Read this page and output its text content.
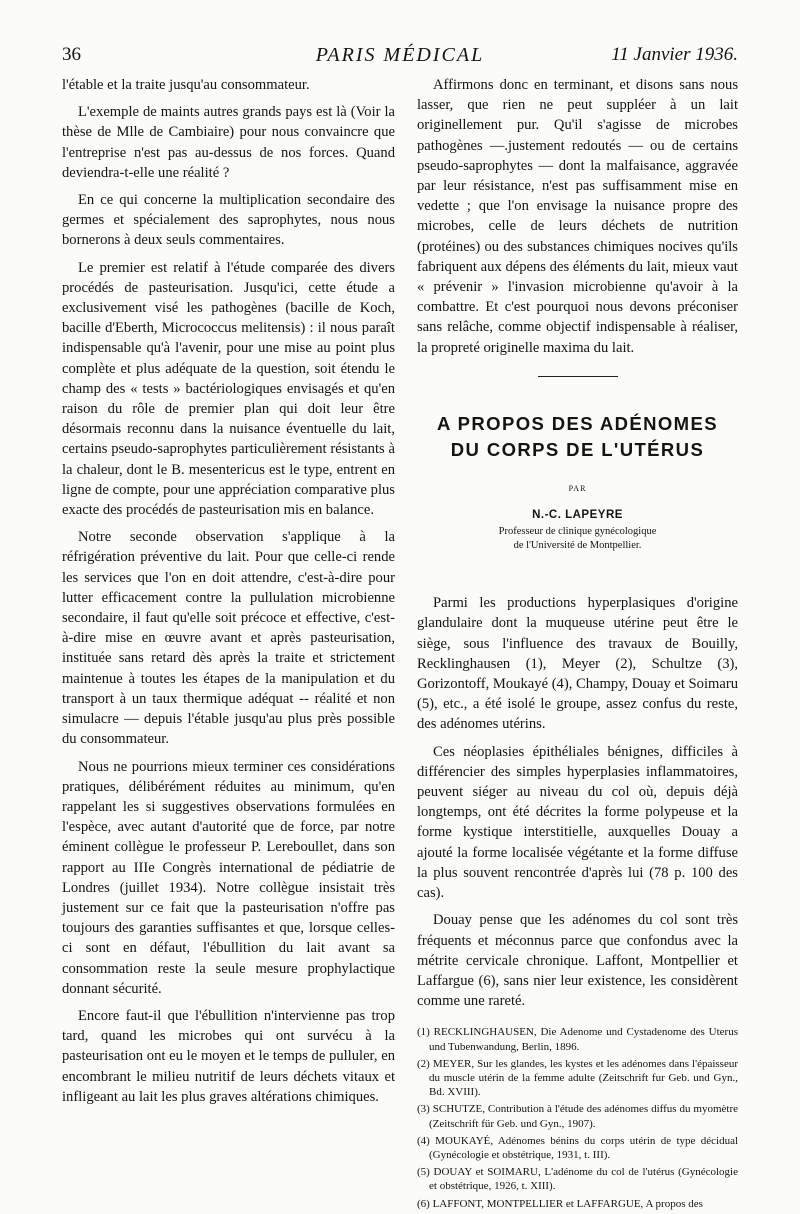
36	PARIS MÉDICAL	11 Janvier 1936.

l'étable et la traite jusqu'au consommateur.

L'exemple de maints autres grands pays est là (Voir la thèse de Mlle de Cambiaire) pour nous convaincre que l'entreprise n'est pas au-dessus de nos forces. Quand deviendra-t-elle une réalité ?

En ce qui concerne la multiplication secondaire des germes et spécialement des saprophytes, nous nous bornerons à deux seuls commentaires.

Le premier est relatif à l'étude comparée des divers procédés de pasteurisation. Jusqu'ici, cette étude a exclusivement visé les pathogènes (bacille de Koch, bacille d'Eberth, Micrococcus melitensis) : il nous paraît indispensable qu'à l'avenir, pour une mise au point plus complète et plus adéquate de la question, soit étendu le champ des « tests » bactériologiques envisagés et qu'en raison du rôle de premier plan qui doit leur être désormais reconnu dans la nuisance éventuelle du lait, certains pseudo-saprophytes particulièrement résistants à la chaleur, dont le B. mesentericus est le type, entrent en ligne de compte, pour une appréciation comparative plus exacte des procédés de pasteurisation mis en balance.

Notre seconde observation s'applique à la réfrigération préventive du lait. Pour que celle-ci rende les services que l'on en doit attendre, c'est-à-dire pour lutter efficacement contre la pullulation microbienne secondaire, il faut qu'elle soit précoce et effective, c'est-à-dire mise en œuvre avant et après pasteurisation, instituée sans retard dès après la traite et strictement maintenue à toutes les étapes de la manipulation et du transport à un taux thermique adéquat -- réalité et non simulacre — depuis l'étable jusqu'au plus près possible du consommateur.

Nous ne pourrions mieux terminer ces considérations pratiques, délibérément réduites au minimum, qu'en rappelant les si suggestives observations formulées en l'espèce, avec autant d'autorité que de force, par notre éminent collègue le professeur P. Lereboullet, dans son rapport au IIIe Congrès international de pédiatrie de Londres (juillet 1934). Notre collègue insistait très justement sur ce fait que la pasteurisation n'offre pas toujours des garanties suffisantes et que, lorsque celles-ci sont en défaut, l'ébullition du lait avant sa consommation reste la seule mesure prophylactique donnant sécurité.

Encore faut-il que l'ébullition n'intervienne pas trop tard, quand les microbes qui ont survécu à la pasteurisation ont eu le moyen et le temps de pulluler, en encombrant le milieu nutritif de leurs déchets vitaux et infligeant au lait les plus graves altérations chimiques.

Affirmons donc en terminant, et disons sans nous lasser, que rien ne peut suppléer à un lait originellement pur. Qu'il s'agisse de microbes pathogènes —.justement redoutés — ou de certains pseudo-saprophytes — dont la malfaisance, aggravée par leur résistance, n'est pas suffisamment mise en vedette ; que l'on envisage la nuisance propre des microbes, celle de leurs déchets de nutrition (protéines) ou des substances chimiques nocives qu'ils fabriquent aux dépens des éléments du lait, mieux vaut « prévenir » l'invasion microbienne qu'avoir à la combattre. Et c'est pourquoi nous devons préconiser sans relâche, comme objectif indispensable à réaliser, la propreté originelle maxima du lait.

A PROPOS DES ADÉNOMES
DU CORPS DE L'UTÉRUS
PAR
N.-C. LAPEYRE
Professeur de clinique gynécologique
de l'Université de Montpellier.

Parmi les productions hyperplasiques d'origine glandulaire dont la muqueuse utérine peut être le siège, sous l'influence des travaux de Bouilly, Recklinghausen (1), Meyer (2), Schultze (3), Gorizontoff, Moukayé (4), Champy, Douay et Soimaru (5), etc., a été isolé le groupe, assez confus du reste, des adénomes utérins.

Ces néoplasies épithéliales bénignes, difficiles à différencier des simples hyperplasies inflammatoires, peuvent siéger au niveau du col où, depuis déjà longtemps, ont été décrites la forme polypeuse et la forme kystique interstitielle, auxquelles Douay a ajouté la forme localisée végétante et la forme diffuse la plus souvent rencontrée d'après lui (78 p. 100 des cas).

Douay pense que les adénomes du col sont très fréquents et méconnus parce que confondus avec la métrite cervicale chronique. Laffont, Montpellier et Laffargue (6), sans nier leur existence, les considèrent comme une rareté.

(1) RECKLINGHAUSEN, Die Adenome und Cystadenome des Uterus und Tubenwandung, Berlin, 1896.

(2) MEYER, Sur les glandes, les kystes et les adénomes dans l'épaisseur du muscle utérin de la femme adulte (Zeitschrift fur Geb. und Gyn., Bd. XVIII).

(3) SCHUTZE, Contribution à l'étude des adénomes diffus du myomètre (Zeitschrift für Geb. und Gyn., 1907).

(4) MOUKAYÉ, Adénomes bénins du corps utérin de type décidual (Gynécologie et obstétrique, 1931, t. III).

(5) DOUAY et SOIMARU, L'adénome du col de l'utérus (Gynécologie et obstétrique, 1926, t. XIII).

(6) LAFFONT, MONTPELLIER et LAFFARGUE, A propos des
